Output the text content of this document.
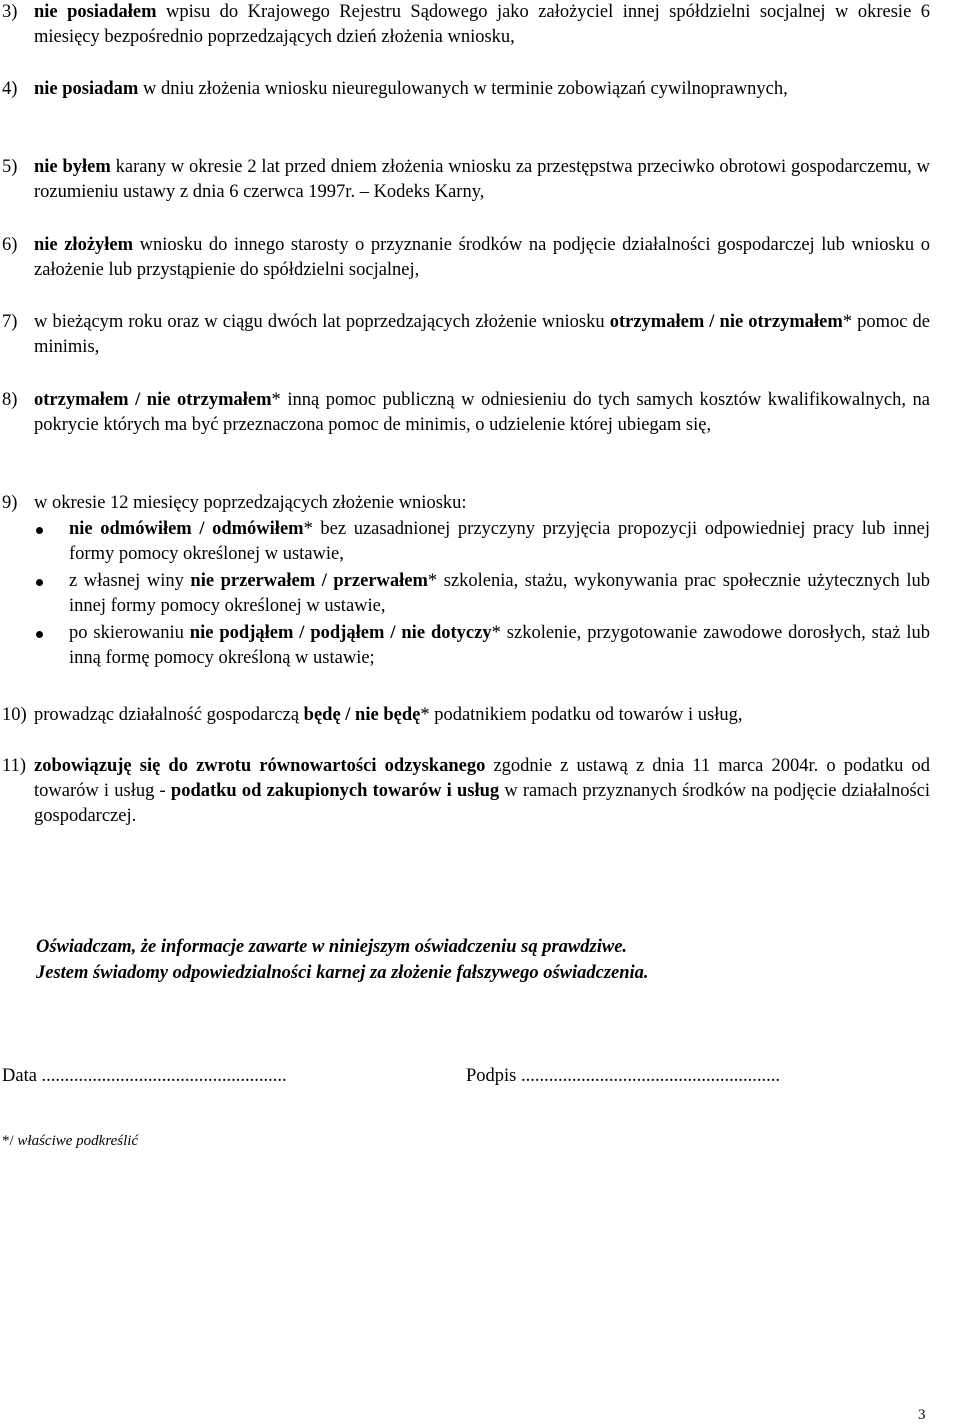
3) nie posiadałem wpisu do Krajowego Rejestru Sądowego jako założyciel innej spółdzielni socjalnej w okresie 6 miesięcy bezpośrednio poprzedzających dzień złożenia wniosku,
4) nie posiadam w dniu złożenia wniosku nieuregulowanych w terminie zobowiązań cywilnoprawnych,
5) nie byłem karany w okresie 2 lat przed dniem złożenia wniosku za przestępstwa przeciwko obrotowi gospodarczemu, w rozumieniu ustawy z dnia 6 czerwca 1997r. – Kodeks Karny,
6) nie złożyłem wniosku do innego starosty o przyznanie środków na podjęcie działalności gospodarczej lub wniosku o założenie lub przystąpienie do spółdzielni socjalnej,
7) w bieżącym roku oraz w ciągu dwóch lat poprzedzających złożenie wniosku otrzymałem / nie otrzymałem* pomoc de minimis,
8) otrzymałem / nie otrzymałem* inną pomoc publiczną w odniesieniu do tych samych kosztów kwalifikowalnych, na pokrycie których ma być przeznaczona pomoc de minimis, o udzielenie której ubiegam się,
9) w okresie 12 miesięcy poprzedzających złożenie wniosku:
nie odmówiłem / odmówiłem* bez uzasadnionej przyczyny przyjęcia propozycji odpowiedniej pracy lub innej formy pomocy określonej w ustawie,
z własnej winy nie przerwałem / przerwałem* szkolenia, stażu, wykonywania prac społecznie użytecznych lub innej formy pomocy określonej w ustawie,
po skierowaniu nie podjąłem / podjąłem / nie dotyczy* szkolenie, przygotowanie zawodowe dorosłych, staż lub inną formę pomocy określoną w ustawie;
10) prowadząc działalność gospodarczą będę / nie będę* podatnikiem podatku od towarów i usług,
11) zobowiązuję się do zwrotu równowartości odzyskanego zgodnie z ustawą z dnia 11 marca 2004r. o podatku od towarów i usług - podatku od zakupionych towarów i usług w ramach przyznanych środków na podjęcie działalności gospodarczej.
Oświadczam, że informacje zawarte w niniejszym oświadczeniu są prawdziwe.
Jestem świadomy odpowiedzialności karnej za złożenie fałszywego oświadczenia.
Data .....................................................	Podpis ........................................................
*/ właściwe podkreślić
3
